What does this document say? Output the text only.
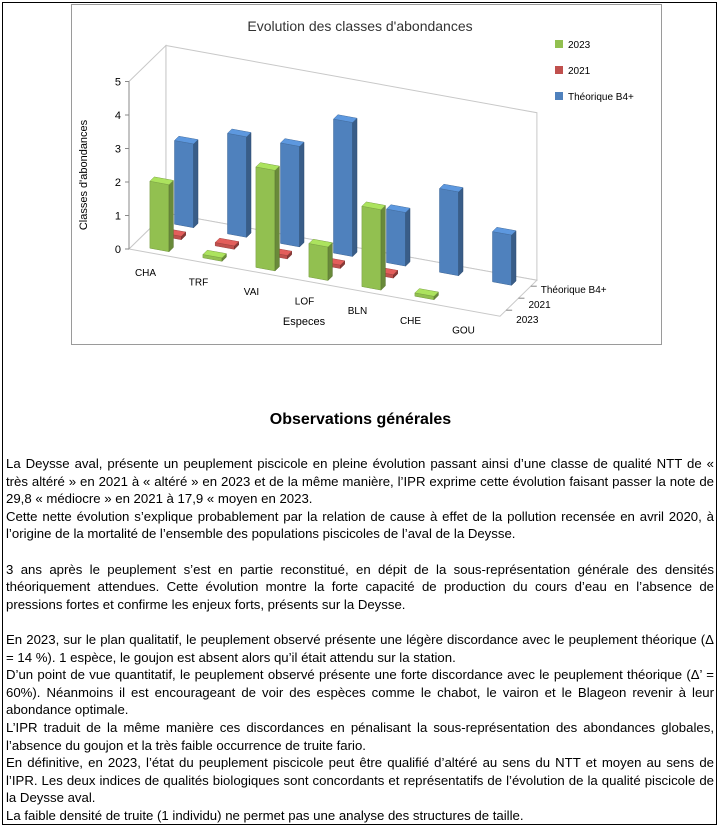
Evolution des classes d'abondances
0
1
2
3
4
5
CHA
TRF
VAI
LOF
BLN
CHE
GOU
Théorique B4+
2021
2023
Classes d'abondances
Especes
2023
2021
Théorique B4+
Observations générales

La Deysse aval, présente un peuplement piscicole en pleine évolution passant ainsi d’une classe de qualité NTT de « très altéré » en 2021 à « altéré » en 2023 et de la même manière, l’IPR exprime cette évolution faisant passer la note de 29,8 « médiocre » en 2021 à 17,9 « moyen en 2023.

Cette nette évolution s’explique probablement par la relation de cause à effet de la pollution recensée en avril 2020, à l’origine de la mortalité de l’ensemble des populations piscicoles de l’aval de la Deysse.

3 ans après le peuplement s’est en partie reconstitué, en dépit de la sous-représentation générale des densités théoriquement attendues. Cette évolution montre la forte capacité de production du cours d’eau en l’absence de pressions fortes et confirme les enjeux forts, présents sur la Deysse.

En 2023, sur le plan qualitatif, le peuplement observé présente une légère discordance avec le peuplement théorique (Δ = 14 %). 1 espèce, le goujon est absent alors qu’il était attendu sur la station.

D’un point de vue quantitatif, le peuplement observé présente une forte discordance avec le peuplement théorique (Δ’ = 60%). Néanmoins il est encourageant de voir des espèces comme le chabot, le vairon et le Blageon revenir à leur abondance optimale.

L’IPR traduit de la même manière ces discordances en pénalisant la sous-représentation des abondances globales, l’absence du goujon et la très faible occurrence de truite fario.

En définitive, en 2023, l’état du peuplement piscicole peut être qualifié d’altéré au sens du NTT et moyen au sens de l’IPR. Les deux indices de qualités biologiques sont concordants et représentatifs de l’évolution de la qualité piscicole de la Deysse aval.

La faible densité de truite (1 individu) ne permet pas une analyse des structures de taille.
